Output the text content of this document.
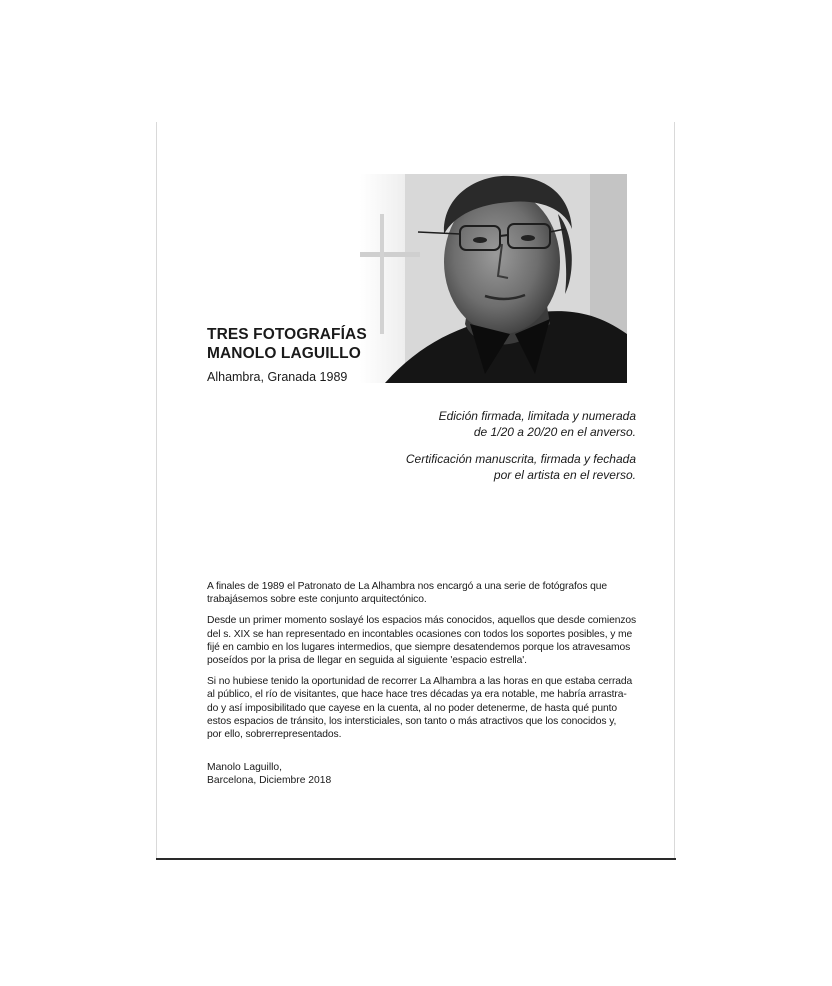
TRES FOTOGRAFÍAS
MANOLO LAGUILLO
Alhambra, Granada 1989

Edición firmada, limitada y numerada
de 1/20 a 20/20 en el anverso.

Certificación manuscrita, firmada y fechada
por el artista en el reverso.

A finales de 1989 el Patronato de La Alhambra nos encargó a una serie de fotógrafos que
trabajásemos sobre este conjunto arquitectónico.

Desde un primer momento soslayé los espacios más conocidos, aquellos que desde comienzos
del s. XIX se han representado en incontables ocasiones con todos los soportes posibles, y me
fijé en cambio en los lugares intermedios, que siempre desatendemos porque los atravesamos
poseídos por la prisa de llegar en seguida al siguiente 'espacio estrella'.

Si no hubiese tenido la oportunidad de recorrer La Alhambra a las horas en que estaba cerrada
al público, el río de visitantes, que hace hace tres décadas ya era notable, me habría arrastra-
do y así imposibilitado que cayese en la cuenta, al no poder detenerme, de hasta qué punto
estos espacios de tránsito, los intersticiales, son tanto o más atractivos que los conocidos y,
por ello, sobrerrepresentados.

Manolo Laguillo,
Barcelona, Diciembre 2018
